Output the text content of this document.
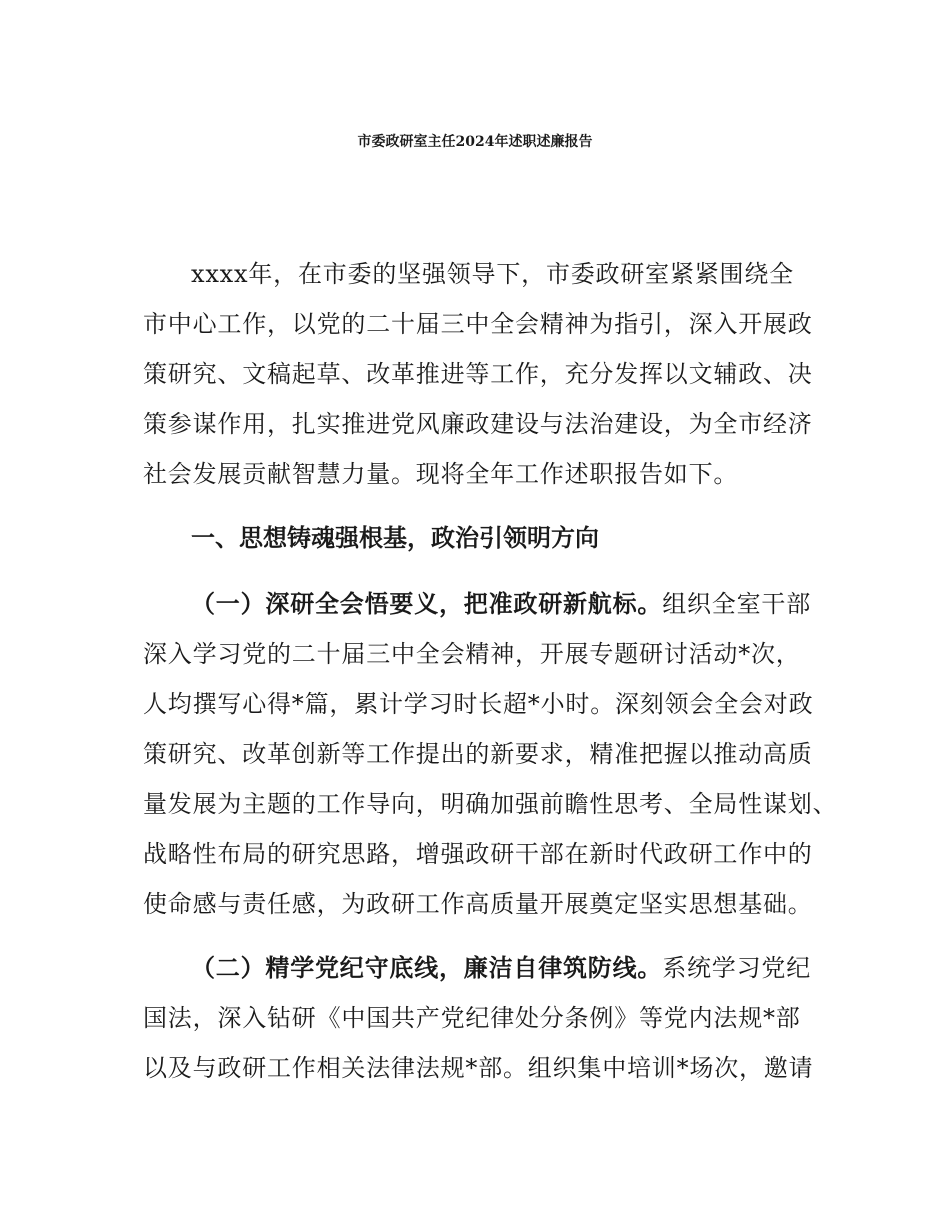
市委政研室主任2024年述职述廉报告

xxxx年，在市委的坚强领导下，市委政研室紧紧围绕全

市中心工作，以党的二十届三中全会精神为指引，深入开展政

策研究、文稿起草、改革推进等工作，充分发挥以文辅政、决

策参谋作用，扎实推进党风廉政建设与法治建设，为全市经济

社会发展贡献智慧力量。现将全年工作述职报告如下。

一、思想铸魂强根基，政治引领明方向

（一）深研全会悟要义，把准政研新航标。组织全室干部

深入学习党的二十届三中全会精神，开展专题研讨活动*次，

人均撰写心得*篇，累计学习时长超*小时。深刻领会全会对政

策研究、改革创新等工作提出的新要求，精准把握以推动高质

量发展为主题的工作导向，明确加强前瞻性思考、全局性谋划、

战略性布局的研究思路，增强政研干部在新时代政研工作中的

使命感与责任感，为政研工作高质量开展奠定坚实思想基础。

（二）精学党纪守底线，廉洁自律筑防线。系统学习党纪

国法，深入钻研《中国共产党纪律处分条例》等党内法规*部

以及与政研工作相关法律法规*部。组织集中培训*场次，邀请
